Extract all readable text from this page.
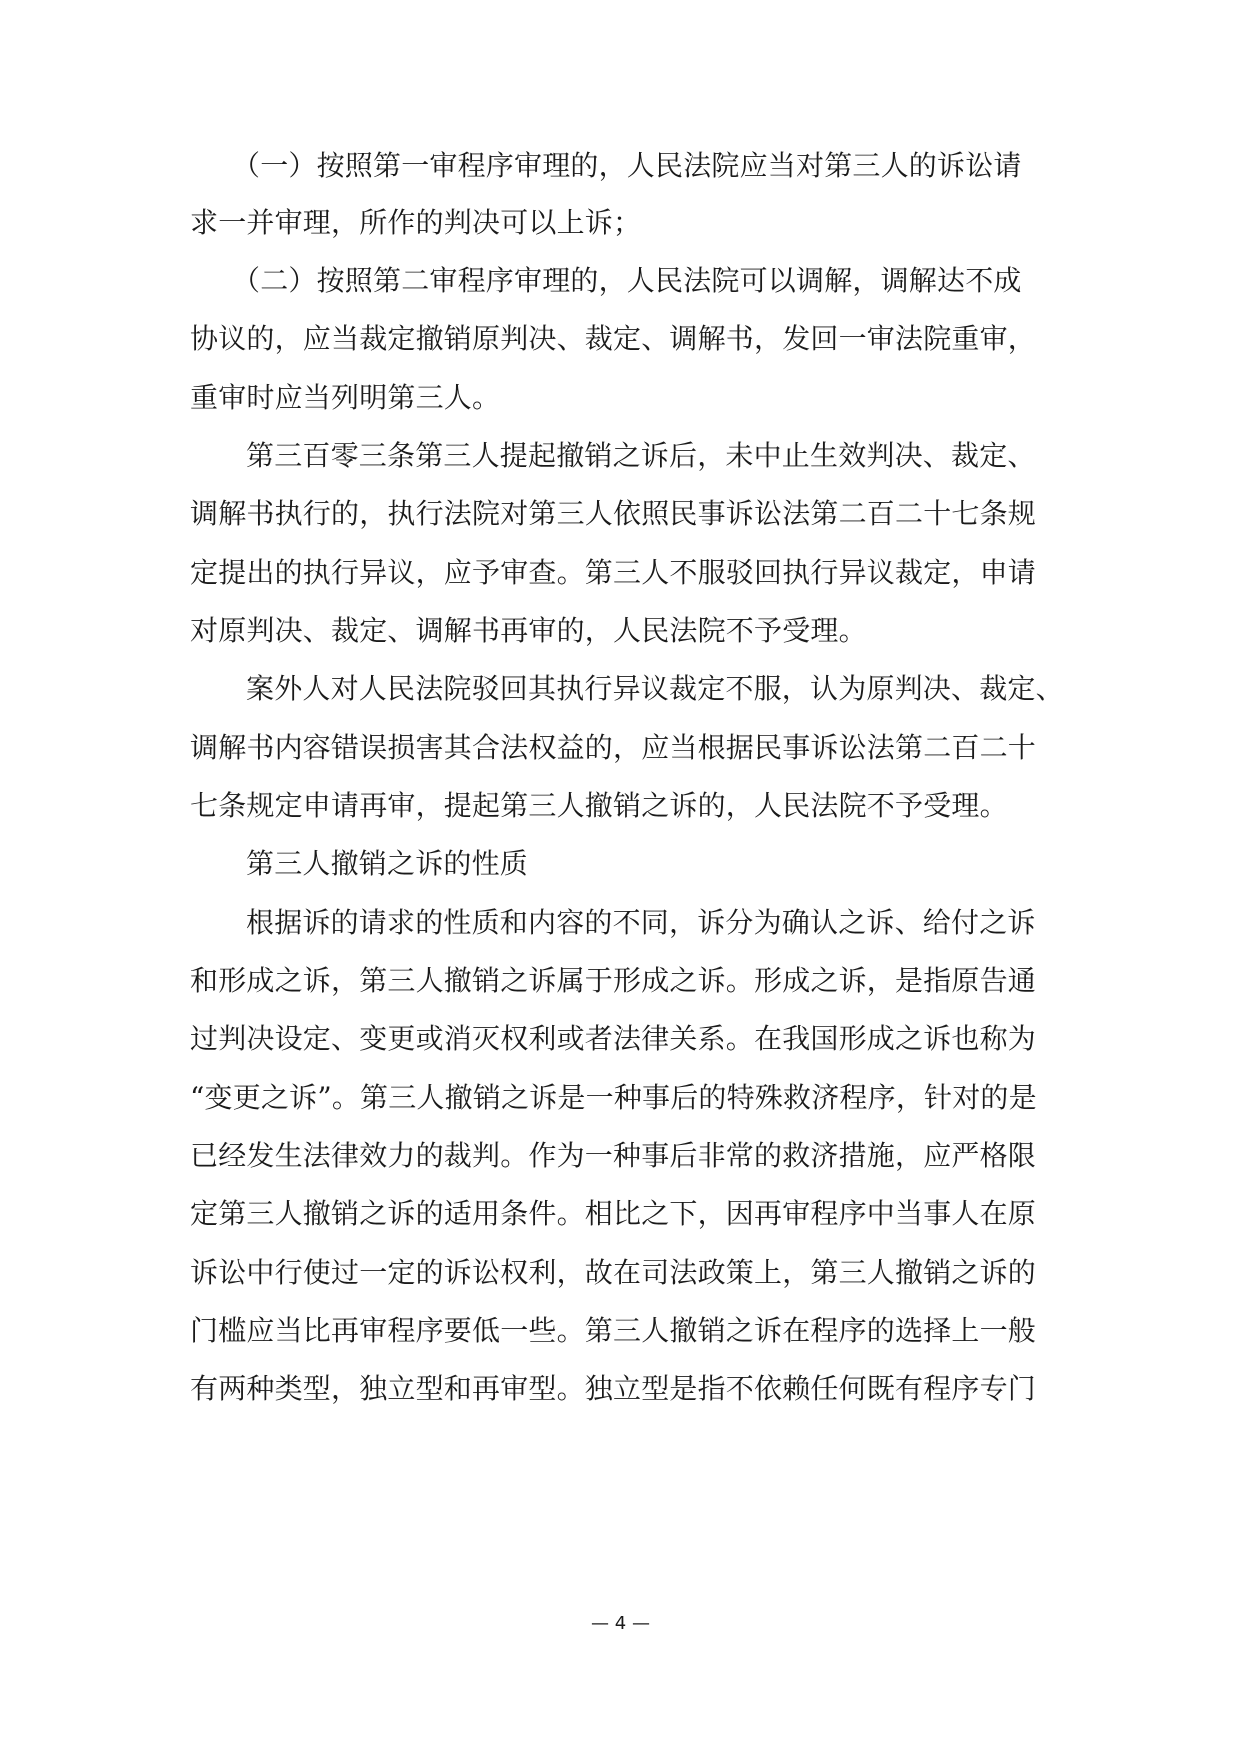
（一）按照第一审程序审理的，人民法院应当对第三人的诉讼请
求一并审理，所作的判决可以上诉；
（二）按照第二审程序审理的，人民法院可以调解，调解达不成
协议的，应当裁定撤销原判决、裁定、调解书，发回一审法院重审，
重审时应当列明第三人。
第三百零三条第三人提起撤销之诉后，未中止生效判决、裁定、
调解书执行的，执行法院对第三人依照民事诉讼法第二百二十七条规
定提出的执行异议，应予审查。第三人不服驳回执行异议裁定，申请
对原判决、裁定、调解书再审的，人民法院不予受理。
案外人对人民法院驳回其执行异议裁定不服，认为原判决、裁定、
调解书内容错误损害其合法权益的，应当根据民事诉讼法第二百二十
七条规定申请再审，提起第三人撤销之诉的，人民法院不予受理。
第三人撤销之诉的性质
根据诉的请求的性质和内容的不同，诉分为确认之诉、给付之诉
和形成之诉，第三人撤销之诉属于形成之诉。形成之诉，是指原告通
过判决设定、变更或消灭权利或者法律关系。在我国形成之诉也称为
“变更之诉”。第三人撤销之诉是一种事后的特殊救济程序，针对的是
已经发生法律效力的裁判。作为一种事后非常的救济措施，应严格限
定第三人撤销之诉的适用条件。相比之下，因再审程序中当事人在原
诉讼中行使过一定的诉讼权利，故在司法政策上，第三人撤销之诉的
门槛应当比再审程序要低一些。第三人撤销之诉在程序的选择上一般
有两种类型，独立型和再审型。独立型是指不依赖任何既有程序专门
— 4 —
